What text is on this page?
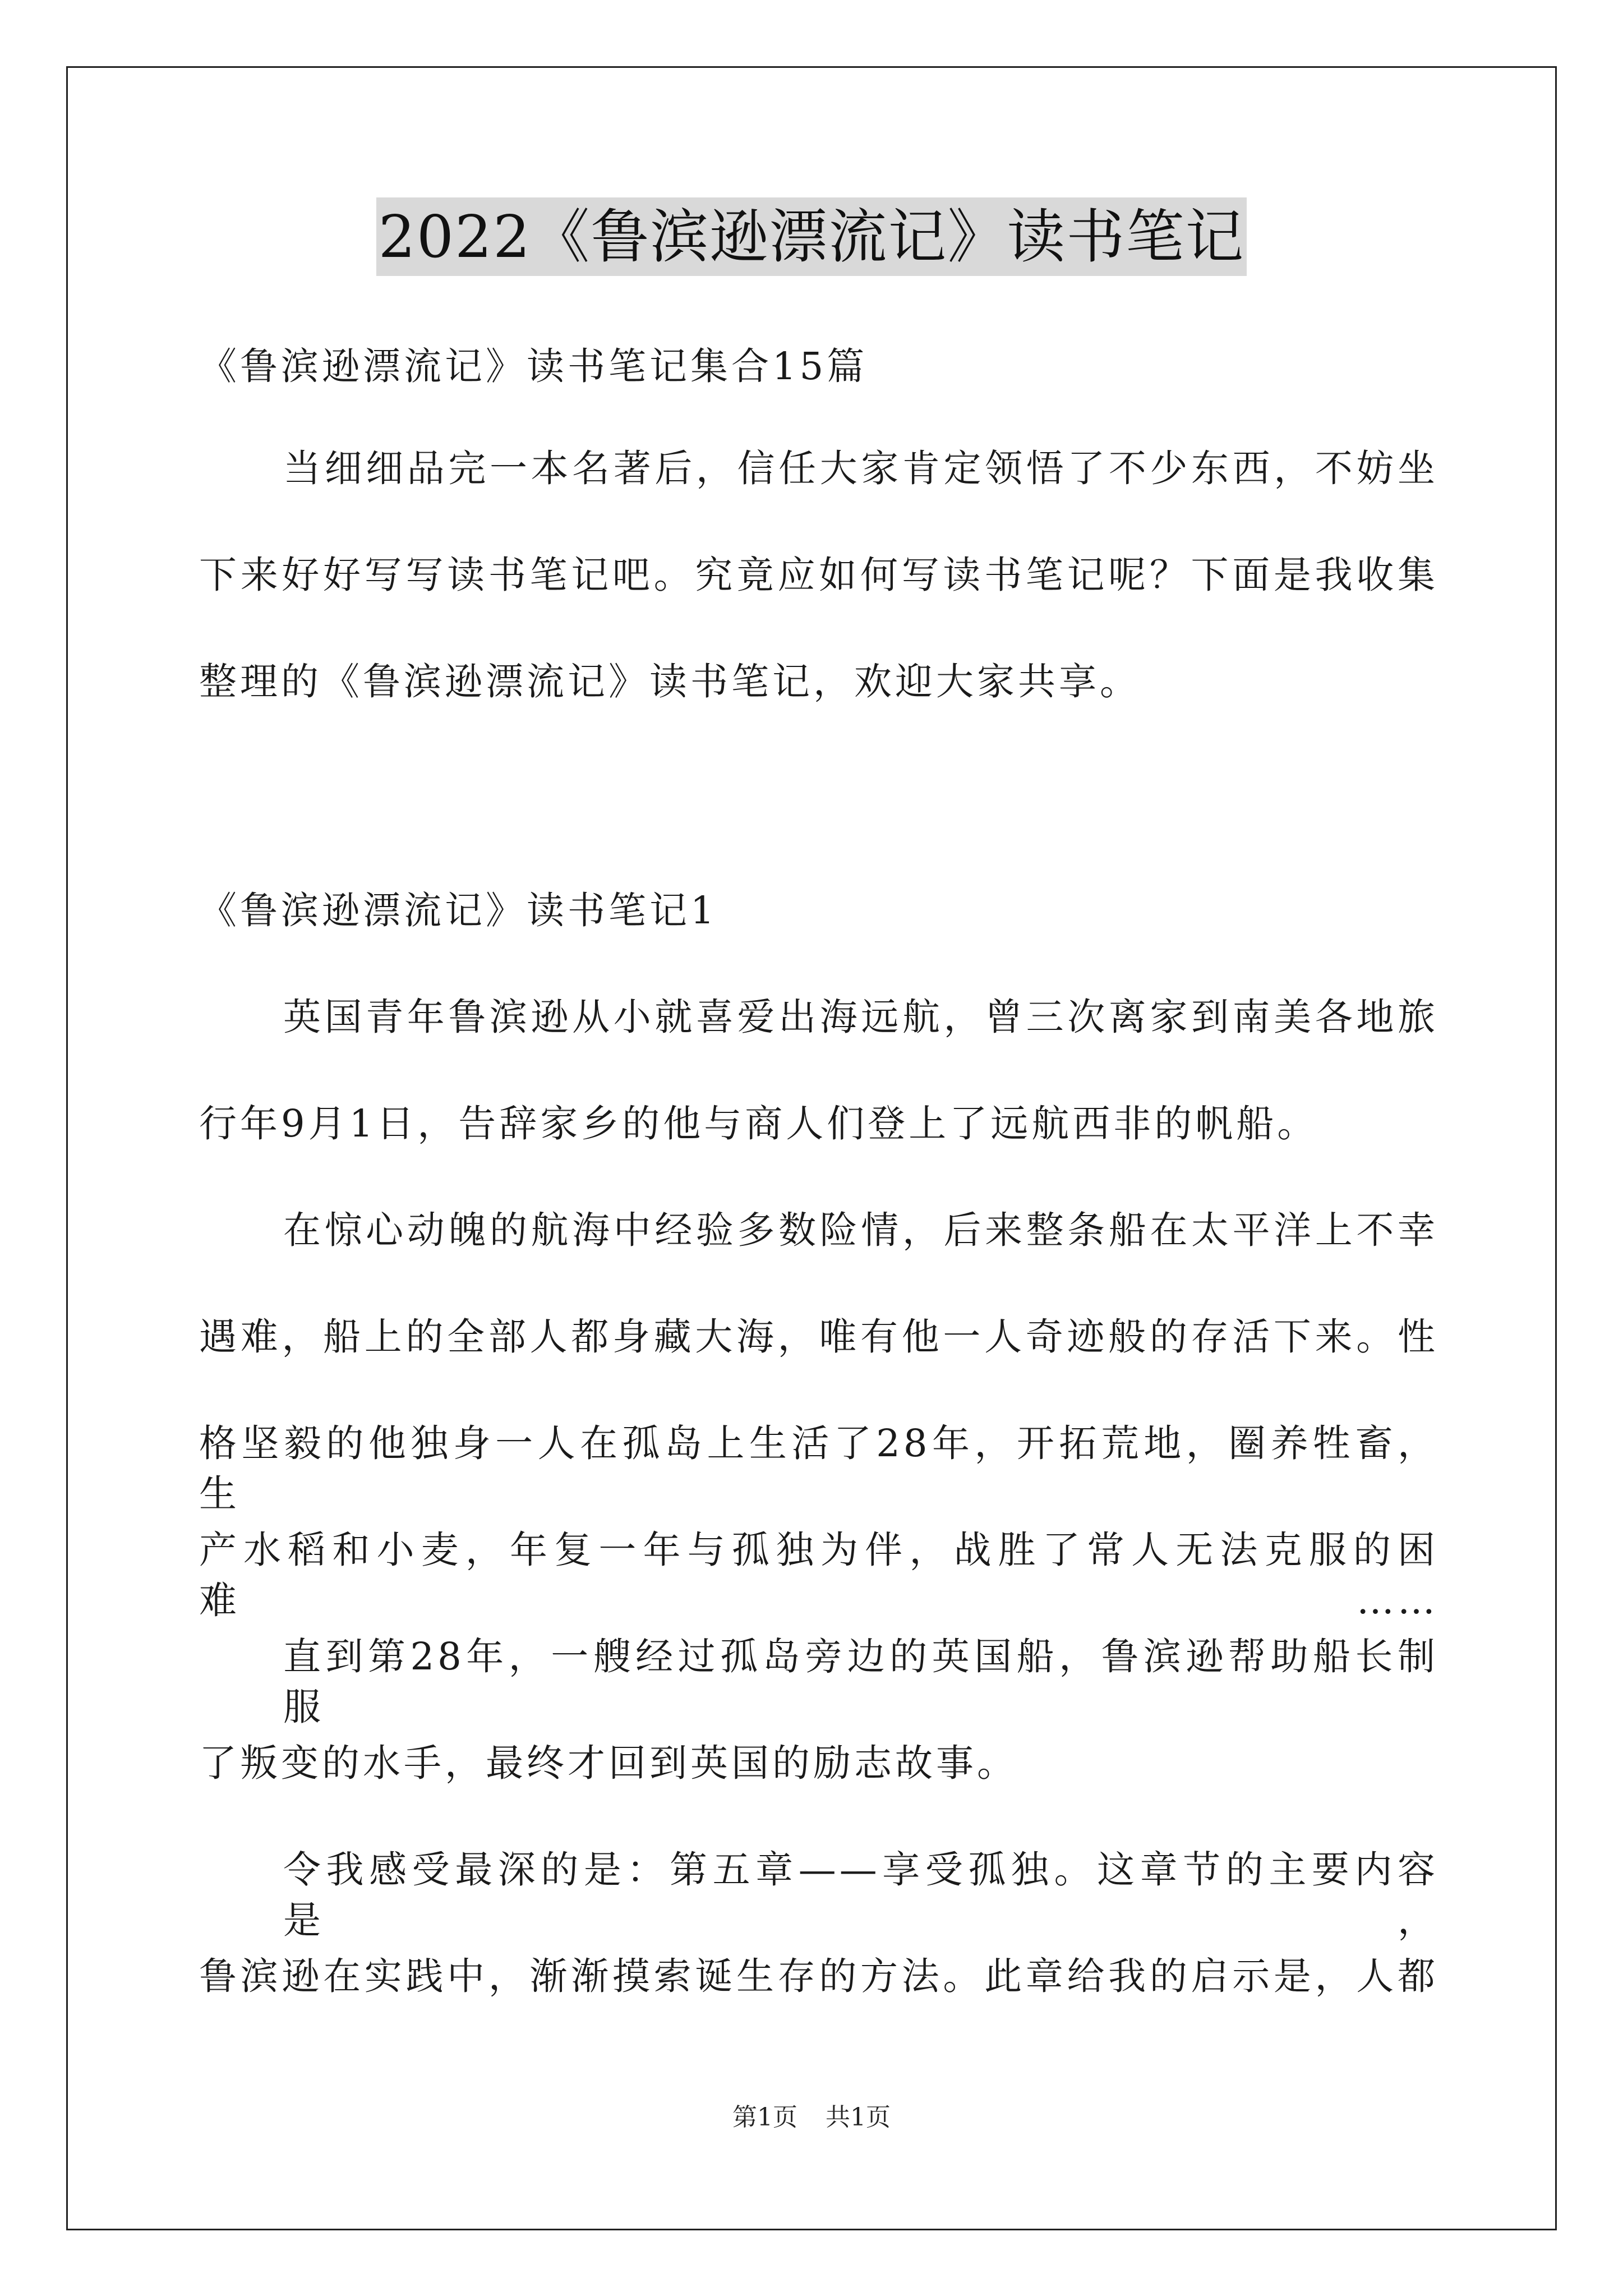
2022《鲁滨逊漂流记》读书笔记
《鲁滨逊漂流记》读书笔记集合15篇
当细细品完一本名著后，信任大家肯定领悟了不少东西，不妨坐
下来好好写写读书笔记吧。究竟应如何写读书笔记呢？下面是我收集
整理的《鲁滨逊漂流记》读书笔记，欢迎大家共享。
《鲁滨逊漂流记》读书笔记1
英国青年鲁滨逊从小就喜爱出海远航，曾三次离家到南美各地旅
行年9月1日，告辞家乡的他与商人们登上了远航西非的帆船。
在惊心动魄的航海中经验多数险情，后来整条船在太平洋上不幸
遇难，船上的全部人都身藏大海，唯有他一人奇迹般的存活下来。性
格坚毅的他独身一人在孤岛上生活了28年，开拓荒地，圈养牲畜，生
产水稻和小麦，年复一年与孤独为伴，战胜了常人无法克服的困难……
直到第28年，一艘经过孤岛旁边的英国船，鲁滨逊帮助船长制服
了叛变的水手，最终才回到英国的励志故事。
令我感受最深的是：第五章——享受孤独。这章节的主要内容是，
鲁滨逊在实践中，渐渐摸索诞生存的方法。此章给我的启示是，人都
第1页 共1页
